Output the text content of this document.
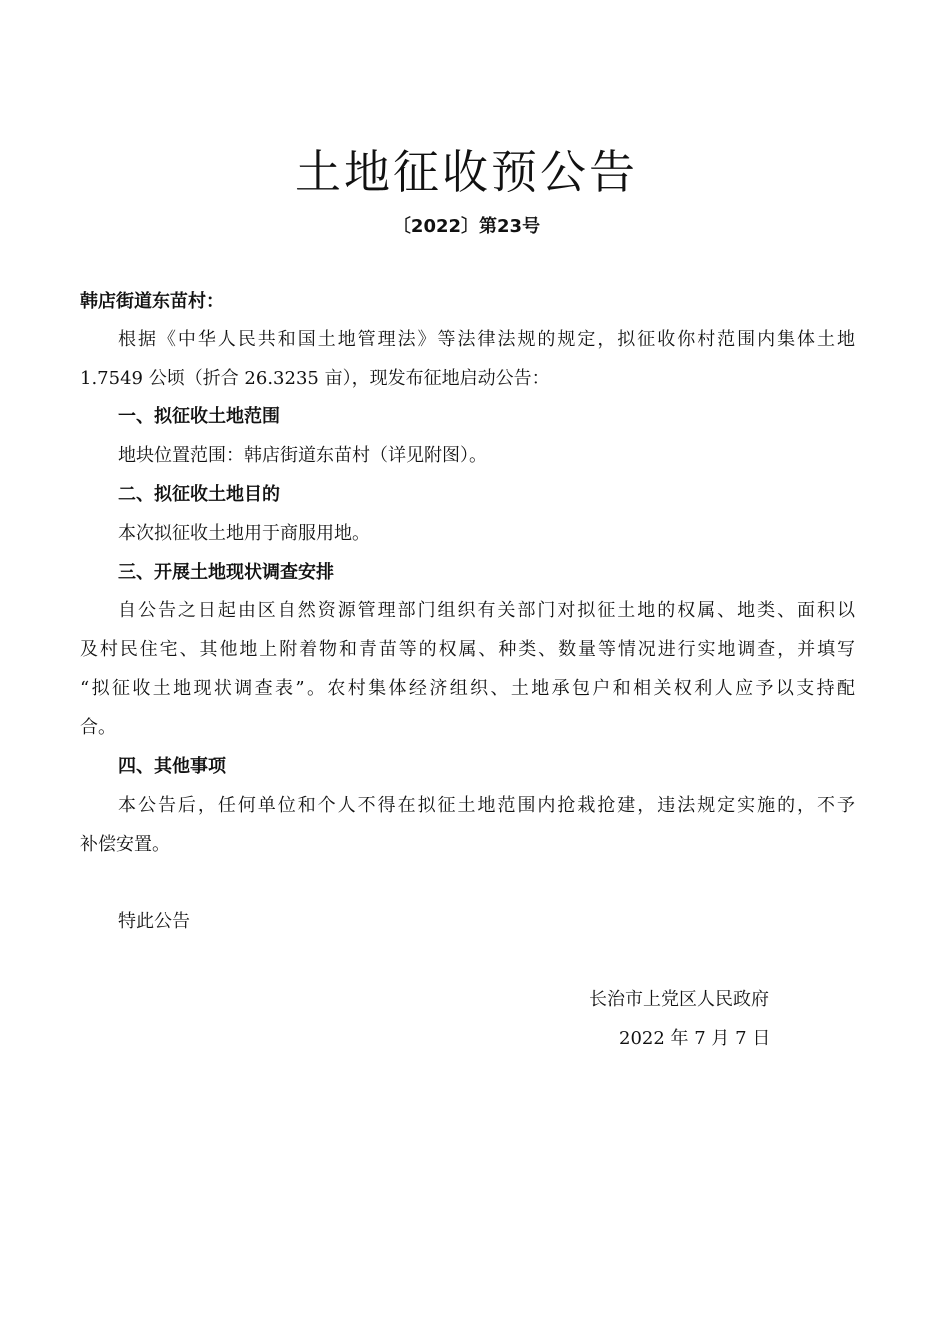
土地征收预公告
〔2022〕第23号
韩店街道东苗村：
根据《中华人民共和国土地管理法》等法律法规的规定，拟征收你村范围内集体土地
1.7549 公顷（折合 26.3235 亩），现发布征地启动公告：
一、拟征收土地范围
地块位置范围：韩店街道东苗村（详见附图）。
二、拟征收土地目的
本次拟征收土地用于商服用地。
三、开展土地现状调查安排
自公告之日起由区自然资源管理部门组织有关部门对拟征土地的权属、地类、面积以
及村民住宅、其他地上附着物和青苗等的权属、种类、数量等情况进行实地调查，并填写
“拟征收土地现状调查表”。农村集体经济组织、土地承包户和相关权利人应予以支持配
合。
四、其他事项
本公告后，任何单位和个人不得在拟征土地范围内抢栽抢建，违法规定实施的，不予
补偿安置。
特此公告
长治市上党区人民政府
2022 年 7 月 7 日
